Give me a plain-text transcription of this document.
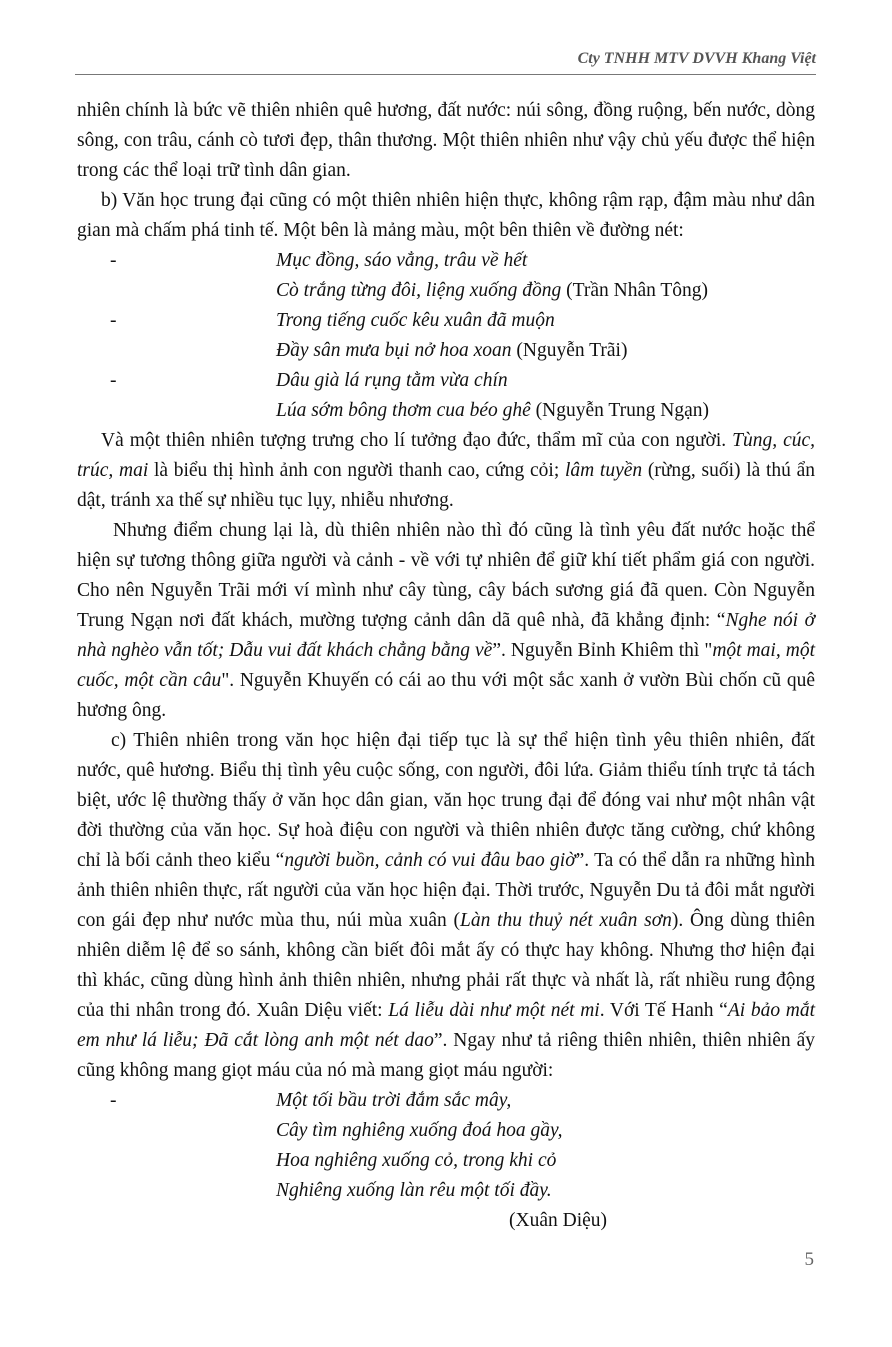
Cty TNHH MTV DVVH Khang Việt

nhiên chính là bức vẽ thiên nhiên quê hương, đất nước: núi sông, đồng ruộng, bến nước, dòng sông, con trâu, cánh cò tươi đẹp, thân thương. Một thiên nhiên như vậy chủ yếu được thể hiện trong các thể loại trữ tình dân gian.

b) Văn học trung đại cũng có một thiên nhiên hiện thực, không rậm rạp, đậm màu như dân gian mà chấm phá tinh tế. Một bên là mảng màu, một bên thiên về đường nét:

-	Mục đồng, sáo vẳng, trâu về hết
Cò trắng từng đôi, liệng xuống đồng (Trần Nhân Tông)
-	Trong tiếng cuốc kêu xuân đã muộn
Đầy sân mưa bụi nở hoa xoan (Nguyễn Trãi)
-	Dâu già lá rụng tằm vừa chín
Lúa sớm bông thơm cua béo ghê (Nguyễn Trung Ngạn)

Và một thiên nhiên tượng trưng cho lí tưởng đạo đức, thẩm mĩ của con người. Tùng, cúc, trúc, mai là biểu thị hình ảnh con người thanh cao, cứng cỏi; lâm tuyền (rừng, suối) là thú ẩn dật, tránh xa thế sự nhiều tục lụy, nhiễu nhương.

Nhưng điểm chung lại là, dù thiên nhiên nào thì đó cũng là tình yêu đất nước hoặc thể hiện sự tương thông giữa người và cảnh - về với tự nhiên để giữ khí tiết phẩm giá con người. Cho nên Nguyễn Trãi mới ví mình như cây tùng, cây bách sương giá đã quen. Còn Nguyễn Trung Ngạn nơi đất khách, mường tượng cảnh dân dã quê nhà, đã khẳng định: “Nghe nói ở nhà nghèo vẫn tốt; Dẫu vui đất khách chẳng bằng về”. Nguyễn Bỉnh Khiêm thì "một mai, một cuốc, một cần câu". Nguyễn Khuyến có cái ao thu với một sắc xanh ở vườn Bùi chốn cũ quê hương ông.

c) Thiên nhiên trong văn học hiện đại tiếp tục là sự thể hiện tình yêu thiên nhiên, đất nước, quê hương. Biểu thị tình yêu cuộc sống, con người, đôi lứa. Giảm thiểu tính trực tả tách biệt, ước lệ thường thấy ở văn học dân gian, văn học trung đại để đóng vai như một nhân vật đời thường của văn học. Sự hoà điệu con người và thiên nhiên được tăng cường, chứ không chỉ là bối cảnh theo kiểu “người buồn, cảnh có vui đâu bao giờ”. Ta có thể dẫn ra những hình ảnh thiên nhiên thực, rất người của văn học hiện đại. Thời trước, Nguyễn Du tả đôi mắt người con gái đẹp như nước mùa thu, núi mùa xuân (Làn thu thuỷ nét xuân sơn). Ông dùng thiên nhiên diễm lệ để so sánh, không cần biết đôi mắt ấy có thực hay không. Nhưng thơ hiện đại thì khác, cũng dùng hình ảnh thiên nhiên, nhưng phải rất thực và nhất là, rất nhiều rung động của thi nhân trong đó. Xuân Diệu viết: Lá liễu dài như một nét mi. Với Tế Hanh “Ai bảo mắt em như lá liễu; Đã cắt lòng anh một nét dao”. Ngay như tả riêng thiên nhiên, thiên nhiên ấy cũng không mang giọt máu của nó mà mang giọt máu người:

-	Một tối bầu trời đắm sắc mây,
Cây tìm nghiêng xuống đoá hoa gầy,
Hoa nghiêng xuống cỏ, trong khi cỏ
Nghiêng xuống làn rêu một tối đầy.
(Xuân Diệu)
5
